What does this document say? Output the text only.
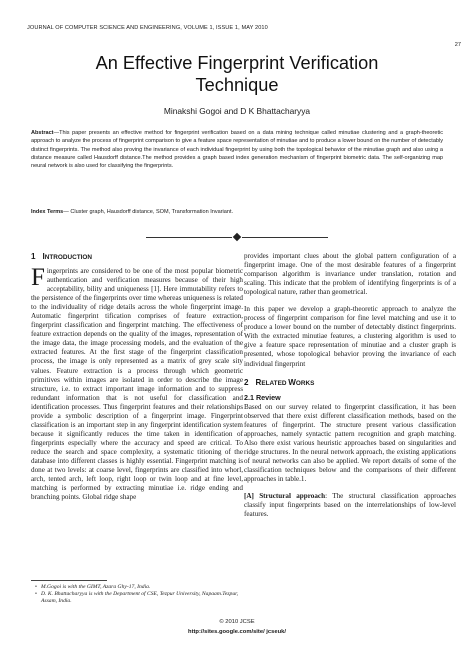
JOURNAL OF COMPUTER SCIENCE AND ENGINEERING, VOLUME 1, ISSUE 1, MAY 2010
27
An Effective Fingerprint Verification
Technique
Minakshi Gogoi and D K Bhattacharyya
Abstract—This paper presents an effective method for fingerprint verification based on a data mining technique called minutiae clustering and a graph-theoretic approach to analyze the process of fingerprint comparison to give a feature space representation of minutiae and to produce a lower bound on the number of detectably distinct fingerprints. The method also proving the invariance of each individual fingerprint by using both the topological behavior of the minutiae graph and also using a distance measure called Hausdorff distance.The method provides a graph based index generation mechanism of fingerprint biometric data. The self-organizing map neural network is also used for classifying the fingerprints.
Index Terms— Cluster graph, Hausdorff distance, SOM, Transformation Invariant.
1 INTRODUCTION

Fingerprints are considered to be one of the most popular biometric authentication and verification measures because of their high acceptability, bility and uniqueness [1]. Here immutability refers to the persistence of the fingerprints over time whereas uniqueness is related to the individuality of ridge details across the whole fingerprint image. Automatic fingerprint tification comprises of feature extraction, fingerprint classification and fingerprint matching. The effectiveness of feature extraction depends on the quality of the images, representation of the image data, the image processing models, and the evaluation of the extracted features. At the first stage of the fingerprint classification process, the image is only represented as a matrix of grey scale sity values. Feature extraction is a process through which geometric primitives within images are isolated in order to describe the image structure, i.e. to extract important image information and to suppress redundant information that is not useful for classification and identification processes. Thus fingerprint features and their relationships provide a symbolic description of a fingerprint image. Fingerprint classification is an important step in any fingerprint identification system because it significantly reduces the time taken in identification of fingerprints especially where the accuracy and speed are critical. To reduce the search and space complexity, a systematic titioning of the database into different classes is highly essential. Fingerprint matching is done at two levels: at coarse level, fingerprints are classified into whorl, arch, tented arch, left loop, right loop or twin loop and at fine level, matching is performed by extracting minutiae i.e. ridge ending and branching points. Global ridge shape

provides important clues about the global pattern configuration of a fingerprint image. One of the most desirable features of a fingerprint comparison algorithm is invariance under translation, rotation and scaling. This indicate that the problem of identifying fingerprints is of a topological nature, rather than geometrical.

In this paper we develop a graph-theoretic approach to analyze the process of fingerprint comparison for fine level matching and use it to produce a lower bound on the number of detectably distinct fingerprints. With the extracted minutiae features, a clustering algorithm is used to give a feature space representation of minutiae and a cluster graph is presented, whose topological behavior proving the invariance of each individual fingerprint

2 RELATED WORKS
2.1 Review

Based on our survey related to fingerprint classification, it has been observed that there exist different classification methods, based on the features of fingerprint. The structure present various classification approaches, namely syntactic pattern recognition and graph matching. Also there exist various heuristic approaches based on singularities and ridge structures. In the neural network approach, the existing applications of neural networks can also be applied. We report details of some of the classification techniques below and the comparisons of their different approaches in table.1.

[A] Structural approach: The structural classification approaches classify input fingerprints based on the interrelationships of low-level features.

• M.Gogoi is with the GIMT, Azara Ghy-17, India.
• D. K. Bhattacharyya is with the Department of CSE, Tezpur University, Napaam.Tezpur, Assam, India.
© 2010 JCSE
http://sites.google.com/site/ jcseuk/
